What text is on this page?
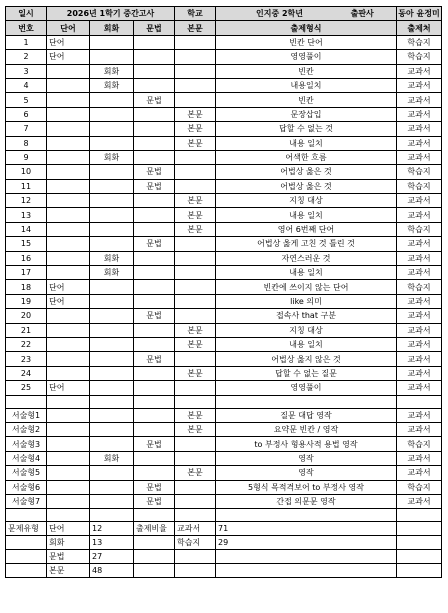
일시	2026년 1학기 중간고사			학교	인지중 2학년 출판사	동아 윤정미
번호	단어	회화	문법	본문	출제형식	출제처
1	단어				빈칸 단어	학습지
2	단어				영영풀이	학습지
3		회화			빈칸	교과서
4		회화			내용일치	교과서
5			문법		빈칸	교과서
6				본문	문장삽입	교과서
7				본문	답할 수 없는 것	교과서
8				본문	내용 일치	교과서
9		회화			어색한 흐름	교과서
10			문법		어법상 옳은 것	학습지
11			문법		어법상 옳은 것	학습지
12				본문	지칭 대상	교과서
13				본문	내용 일치	교과서
14				본문	영어 6번째 단어	학습지
15			문법		어법상 옳게 고친 것 틀린 것	교과서
16		회화			자연스러운 것	교과서
17		회화			내용 일치	교과서
18	단어				빈칸에 쓰이지 않는 단어	학습지
19	단어				like 의미	교과서
20			문법		접속사 that 구분	교과서
21				본문	지칭 대상	교과서
22				본문	내용 일치	교과서
23			문법		어법상 옳지 않은 것	교과서
24				본문	답할 수 없는 질문	교과서
25	단어				영영풀이	교과서

서술형1				본문	질문 대답 영작	교과서
서술형2				본문	요약문 빈칸 / 영작	교과서
서술형3			문법		to 부정사 형용사적 용법 영작	학습지
서술형4		회화			영작	교과서
서술형5				본문	영작	교과서
서술형6			문법		5형식 목적격보어 to 부정사 영작	학습지
서술형7			문법		간접 의문문 영작	교과서

문제유형	단어	12	출제비율	교과서	71	
	회화	13		학습지	29	
	문법	27				
	본문	48				
